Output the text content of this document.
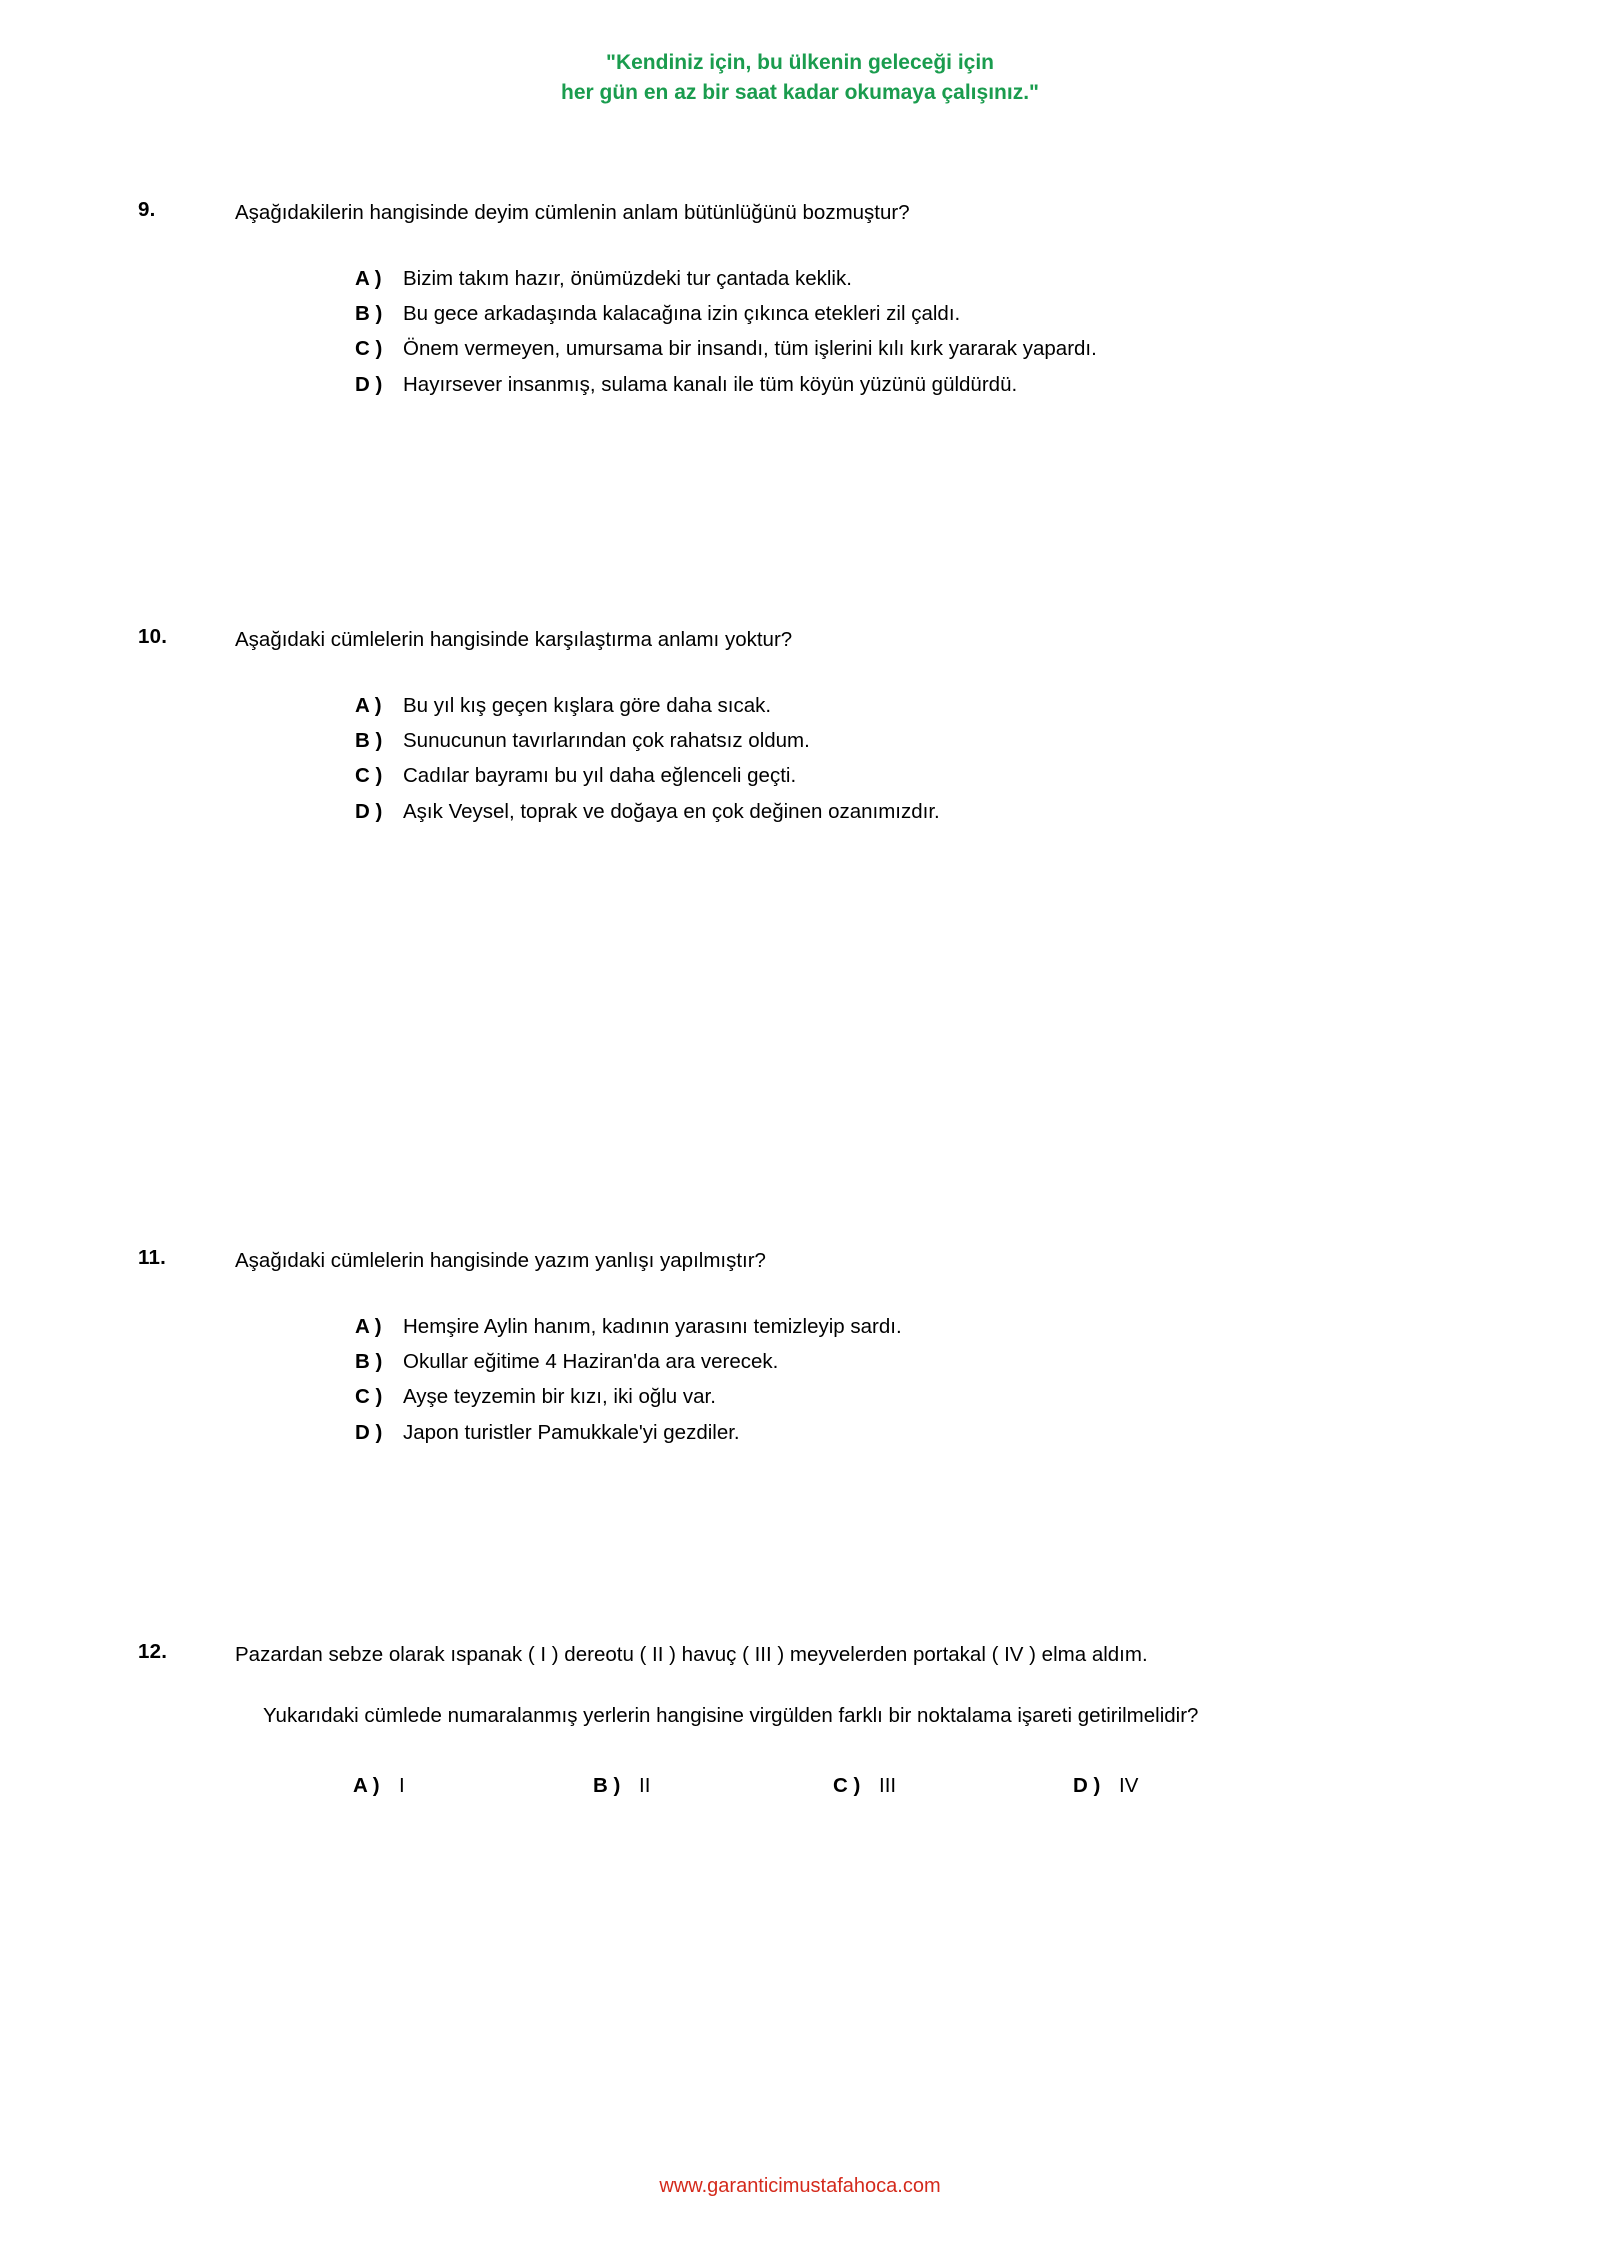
"Kendiniz için, bu ülkenin geleceği için
her gün en az bir saat kadar okumaya çalışınız."
9.	Aşağıdakilerin hangisinde deyim cümlenin anlam bütünlüğünü bozmuştur?
A )	Bizim takım hazır, önümüzdeki tur çantada keklik.
B )	Bu gece arkadaşında kalacağına izin çıkınca etekleri zil çaldı.
C )	Önem vermeyen, umursama bir insandı, tüm işlerini kılı kırk yararak yapardı.
D )	Hayırsever insanmış, sulama kanalı ile tüm köyün yüzünü güldürdü.
10.	Aşağıdaki cümlelerin hangisinde karşılaştırma anlamı yoktur?
A )	Bu yıl kış geçen kışlara göre daha sıcak.
B )	Sunucunun tavırlarından çok rahatsız oldum.
C )	Cadılar bayramı bu yıl daha eğlenceli geçti.
D )	Aşık Veysel, toprak ve doğaya en çok değinen ozanımızdır.
11.	Aşağıdaki cümlelerin hangisinde yazım yanlışı yapılmıştır?
A )	Hemşire Aylin hanım, kadının yarasını temizleyip sardı.
B )	Okullar eğitime 4 Haziran'da ara verecek.
C )	Ayşe teyzemin bir kızı, iki oğlu var.
D )	Japon turistler Pamukkale'yi gezdiler.
12.	Pazardan sebze olarak ıspanak ( I ) dereotu ( II ) havuç ( III ) meyvelerden portakal ( IV ) elma aldım.
Yukarıdaki cümlede numaralanmış yerlerin hangisine virgülden farklı bir noktalama işareti getirilmelidir?
A ) I	B ) II	C ) III	D ) IV
www.garanticimustafahoca.com
